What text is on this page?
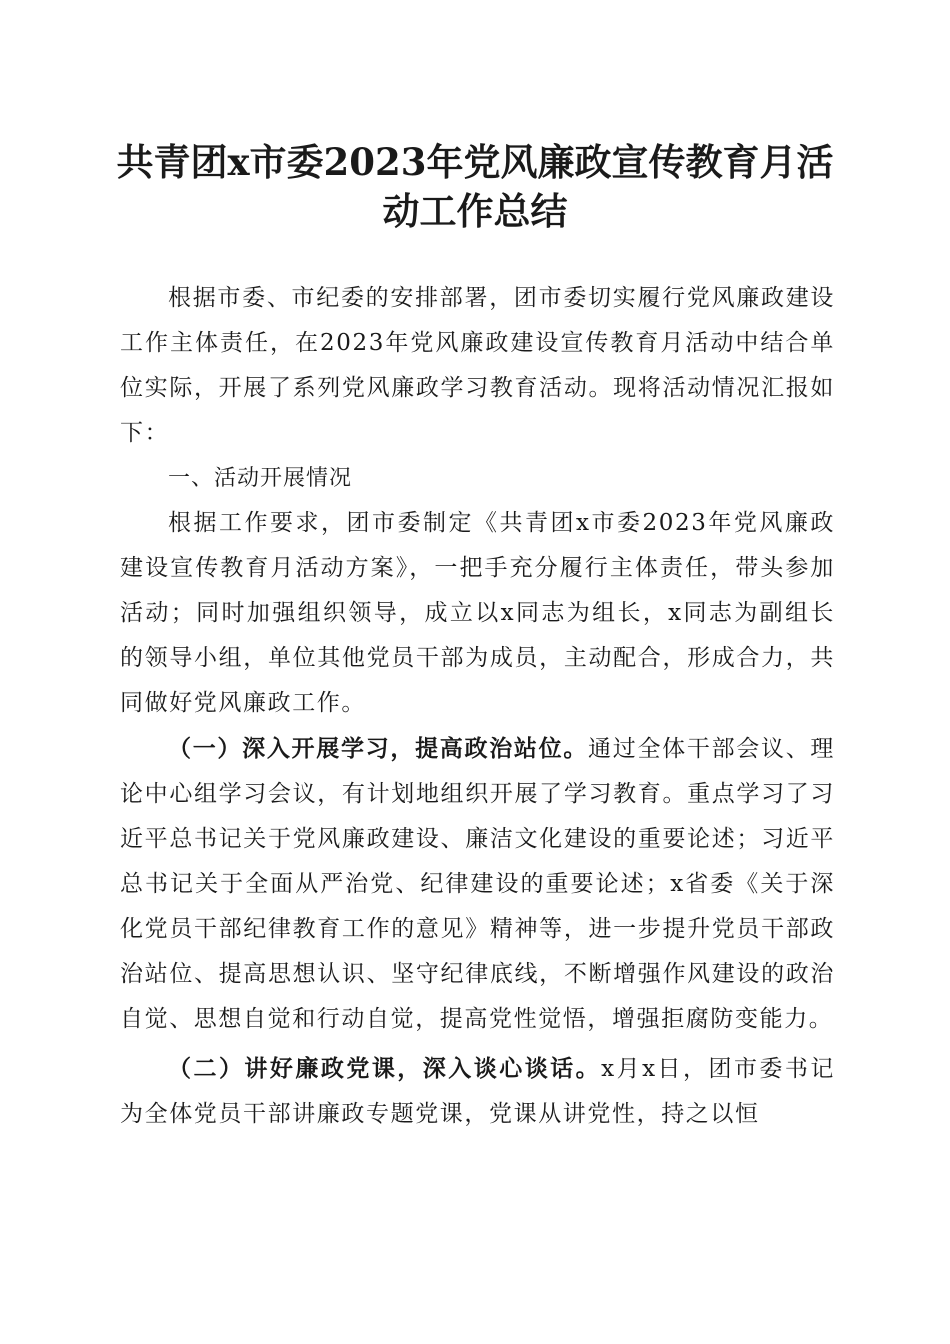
共青团x市委2023年党风廉政宣传教育月活
动工作总结

根据市委、市纪委的安排部署，团市委切实履行党风廉政建设工作主体责任，在2023年党风廉政建设宣传教育月活动中结合单位实际，开展了系列党风廉政学习教育活动。现将活动情况汇报如下：

一、活动开展情况

根据工作要求，团市委制定《共青团x市委2023年党风廉政建设宣传教育月活动方案》，一把手充分履行主体责任，带头参加活动；同时加强组织领导，成立以x同志为组长，x同志为副组长的领导小组，单位其他党员干部为成员，主动配合，形成合力，共同做好党风廉政工作。

（一）深入开展学习，提高政治站位。通过全体干部会议、理论中心组学习会议，有计划地组织开展了学习教育。重点学习了习近平总书记关于党风廉政建设、廉洁文化建设的重要论述；习近平总书记关于全面从严治党、纪律建设的重要论述；x省委《关于深化党员干部纪律教育工作的意见》精神等，进一步提升党员干部政治站位、提高思想认识、坚守纪律底线，不断增强作风建设的政治自觉、思想自觉和行动自觉，提高党性觉悟，增强拒腐防变能力。

（二）讲好廉政党课，深入谈心谈话。x月x日，团市委书记为全体党员干部讲廉政专题党课，党课从讲党性，持之以恒
